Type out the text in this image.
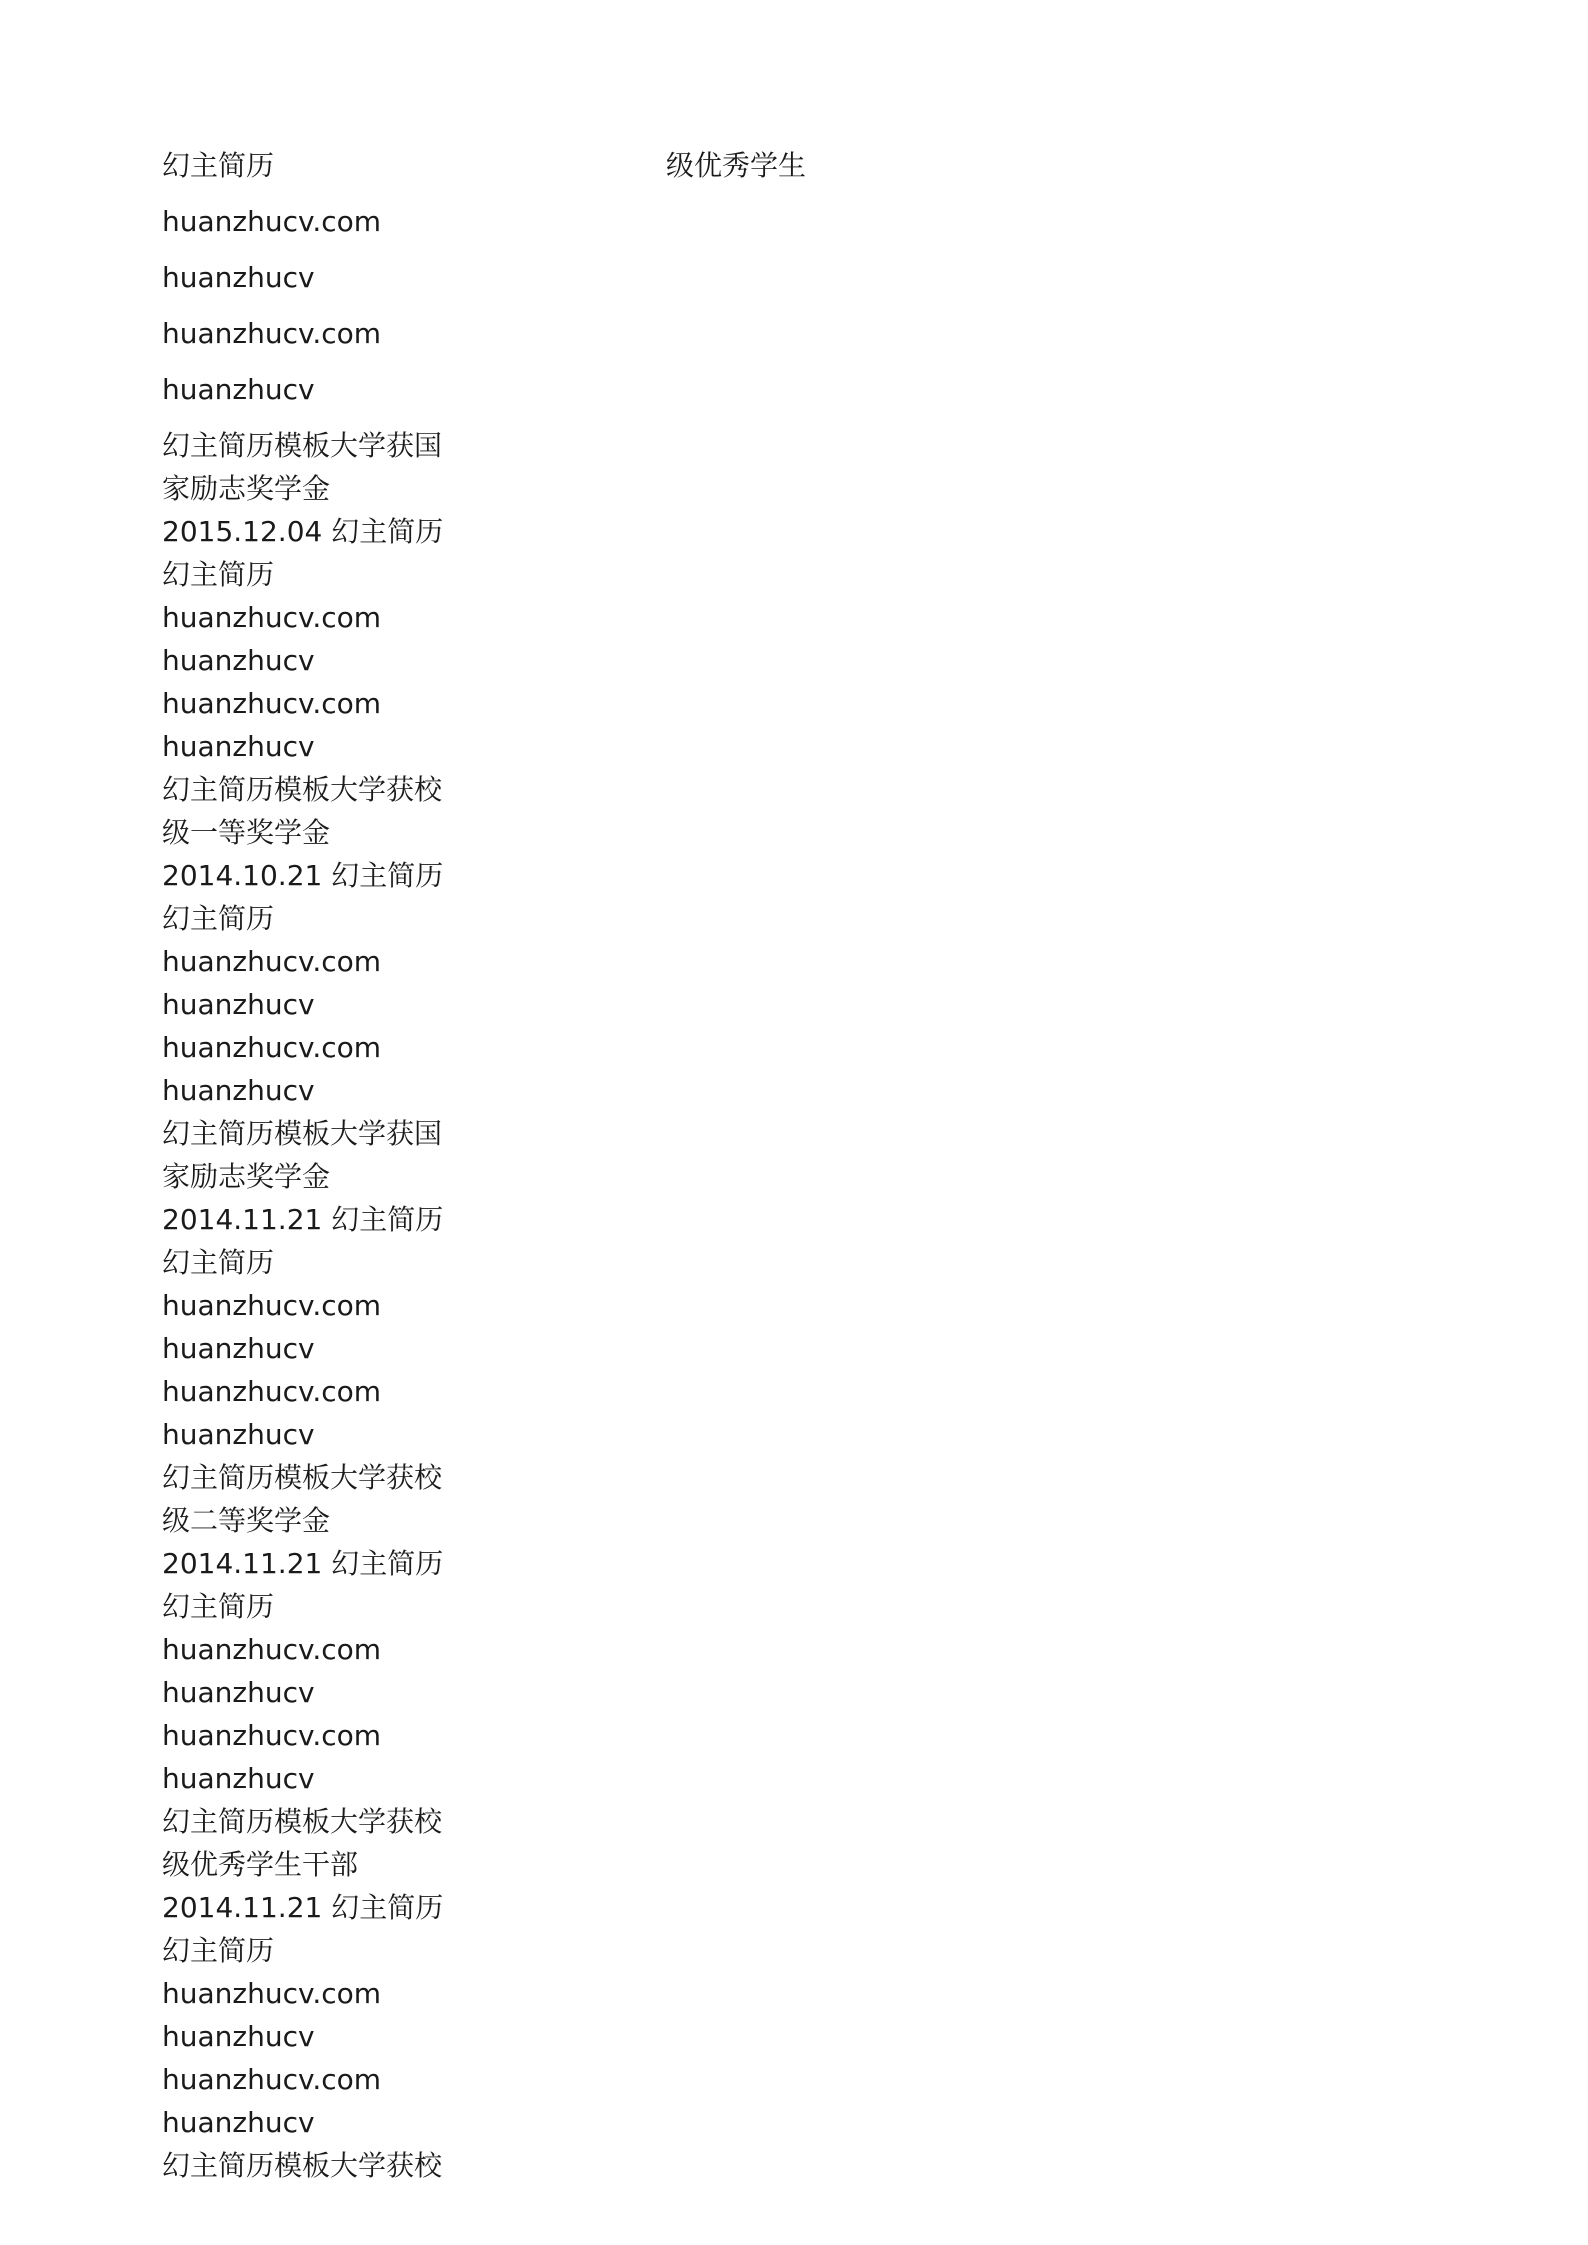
幻主简历
huanzhucv.com
huanzhucv
huanzhucv.com
huanzhucv
幻主简历模板大学获国
家励志奖学金
2015.12.04 幻主简历
幻主简历
huanzhucv.com
huanzhucv
huanzhucv.com
huanzhucv
幻主简历模板大学获校
级一等奖学金
2014.10.21 幻主简历
幻主简历
huanzhucv.com
huanzhucv
huanzhucv.com
huanzhucv
幻主简历模板大学获国
家励志奖学金
2014.11.21 幻主简历
幻主简历
huanzhucv.com
huanzhucv
huanzhucv.com
huanzhucv
幻主简历模板大学获校
级二等奖学金
2014.11.21 幻主简历
幻主简历
huanzhucv.com
huanzhucv
huanzhucv.com
huanzhucv
幻主简历模板大学获校
级优秀学生干部
2014.11.21 幻主简历
幻主简历
huanzhucv.com
huanzhucv
huanzhucv.com
huanzhucv
幻主简历模板大学获校
级优秀学生
